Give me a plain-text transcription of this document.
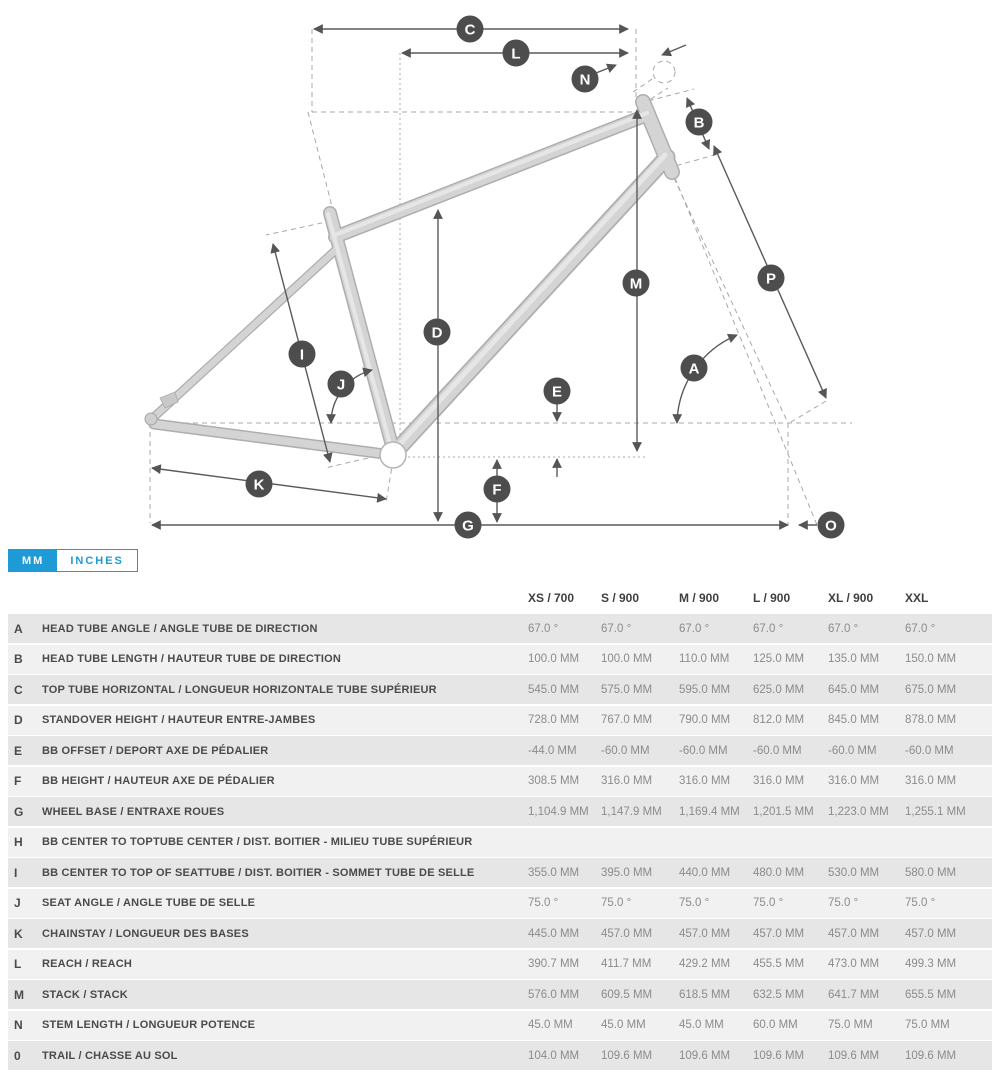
C
L
N
B
P
M
D
I
J
A
E
F
K
G	O
MM	INCHES
XS / 700	S / 900	M / 900	L / 900	XL / 900	XXL
A	HEAD TUBE ANGLE / ANGLE TUBE DE DIRECTION	67.0 °	67.0 °	67.0 °	67.0 °	67.0 °	67.0 °
B	HEAD TUBE LENGTH / HAUTEUR TUBE DE DIRECTION	100.0 MM	100.0 MM	110.0 MM	125.0 MM	135.0 MM	150.0 MM
C	TOP TUBE HORIZONTAL / LONGUEUR HORIZONTALE TUBE SUPÉRIEUR	545.0 MM	575.0 MM	595.0 MM	625.0 MM	645.0 MM	675.0 MM
D	STANDOVER HEIGHT / HAUTEUR ENTRE-JAMBES	728.0 MM	767.0 MM	790.0 MM	812.0 MM	845.0 MM	878.0 MM
E	BB OFFSET / DEPORT AXE DE PÉDALIER	-44.0 MM	-60.0 MM	-60.0 MM	-60.0 MM	-60.0 MM	-60.0 MM
F	BB HEIGHT / HAUTEUR AXE DE PÉDALIER	308.5 MM	316.0 MM	316.0 MM	316.0 MM	316.0 MM	316.0 MM
G	WHEEL BASE / ENTRAXE ROUES	1,104.9 MM	1,147.9 MM	1,169.4 MM	1,201.5 MM	1,223.0 MM	1,255.1 MM
H	BB CENTER TO TOPTUBE CENTER / DIST. BOITIER - MILIEU TUBE SUPÉRIEUR
I	BB CENTER TO TOP OF SEATTUBE / DIST. BOITIER - SOMMET TUBE DE SELLE	355.0 MM	395.0 MM	440.0 MM	480.0 MM	530.0 MM	580.0 MM
J	SEAT ANGLE / ANGLE TUBE DE SELLE	75.0 °	75.0 °	75.0 °	75.0 °	75.0 °	75.0 °
K	CHAINSTAY / LONGUEUR DES BASES	445.0 MM	457.0 MM	457.0 MM	457.0 MM	457.0 MM	457.0 MM
L	REACH / REACH	390.7 MM	411.7 MM	429.2 MM	455.5 MM	473.0 MM	499.3 MM
M	STACK / STACK	576.0 MM	609.5 MM	618.5 MM	632.5 MM	641.7 MM	655.5 MM
N	STEM LENGTH / LONGUEUR POTENCE	45.0 MM	45.0 MM	45.0 MM	60.0 MM	75.0 MM	75.0 MM
0	TRAIL / CHASSE AU SOL	104.0 MM	109.6 MM	109.6 MM	109.6 MM	109.6 MM	109.6 MM
